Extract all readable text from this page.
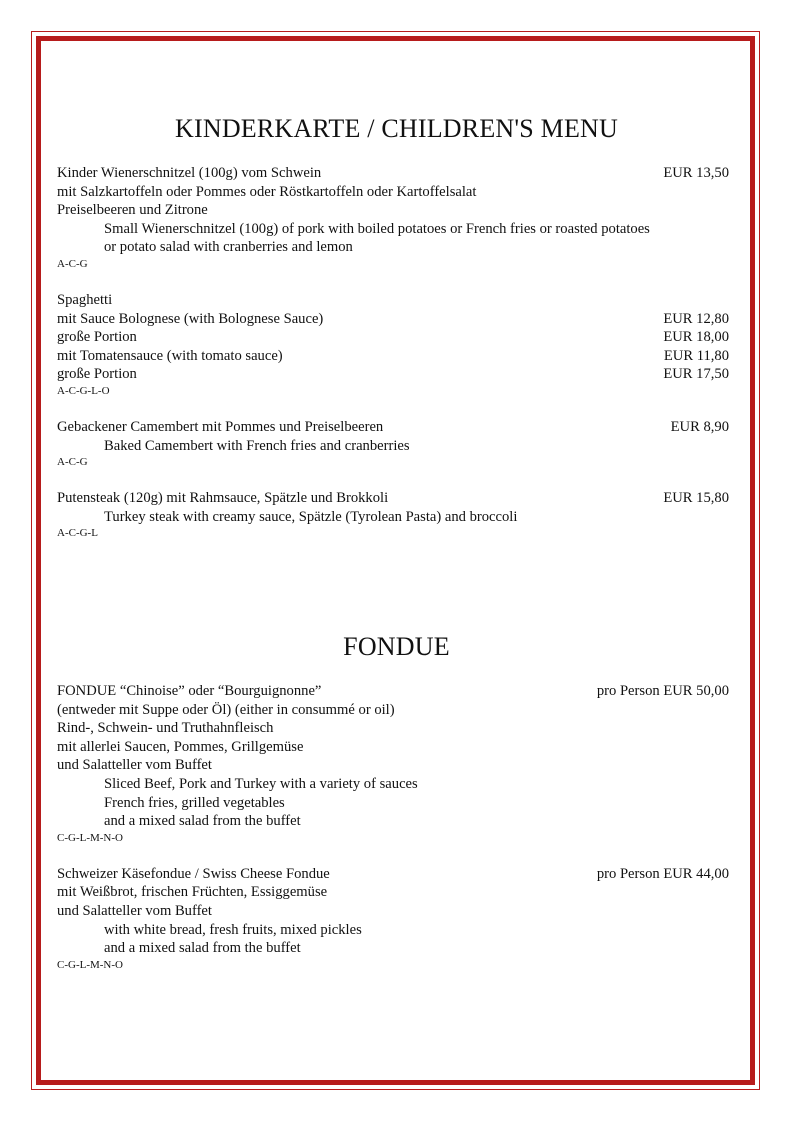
KINDERKARTE / CHILDREN'S MENU
Kinder Wienerschnitzel (100g) vom Schwein	EUR 13,50
mit Salzkartoffeln oder Pommes oder Röstkartoffeln oder Kartoffelsalat
Preiselbeeren und Zitrone
Small Wienerschnitzel (100g) of pork with boiled potatoes or French fries or roasted potatoes
or potato salad with cranberries and lemon
A-C-G
Spaghetti
mit Sauce Bolognese (with Bolognese Sauce)	EUR 12,80
große Portion	EUR 18,00
mit Tomatensauce (with tomato sauce)	EUR 11,80
große Portion	EUR 17,50
A-C-G-L-O
Gebackener Camembert mit Pommes und Preiselbeeren	EUR 8,90
Baked Camembert with French fries and cranberries
A-C-G
Putensteak (120g) mit Rahmsauce, Spätzle und Brokkoli	EUR 15,80
Turkey steak with creamy sauce, Spätzle (Tyrolean Pasta) and broccoli
A-C-G-L
FONDUE
FONDUE “Chinoise” oder “Bourguignonne”	pro Person EUR 50,00
(entweder mit Suppe oder Öl) (either in consummé or oil)
Rind-, Schwein- und Truthahnfleisch
mit allerlei Saucen, Pommes, Grillgemüse
und Salatteller vom Buffet
Sliced Beef, Pork and Turkey with a variety of sauces
French fries, grilled vegetables
and a mixed salad from the buffet
C-G-L-M-N-O
Schweizer Käsefondue / Swiss Cheese Fondue	pro Person EUR 44,00
mit Weißbrot, frischen Früchten, Essiggemüse
und Salatteller vom Buffet
with white bread, fresh fruits, mixed pickles
and a mixed salad from the buffet
C-G-L-M-N-O
